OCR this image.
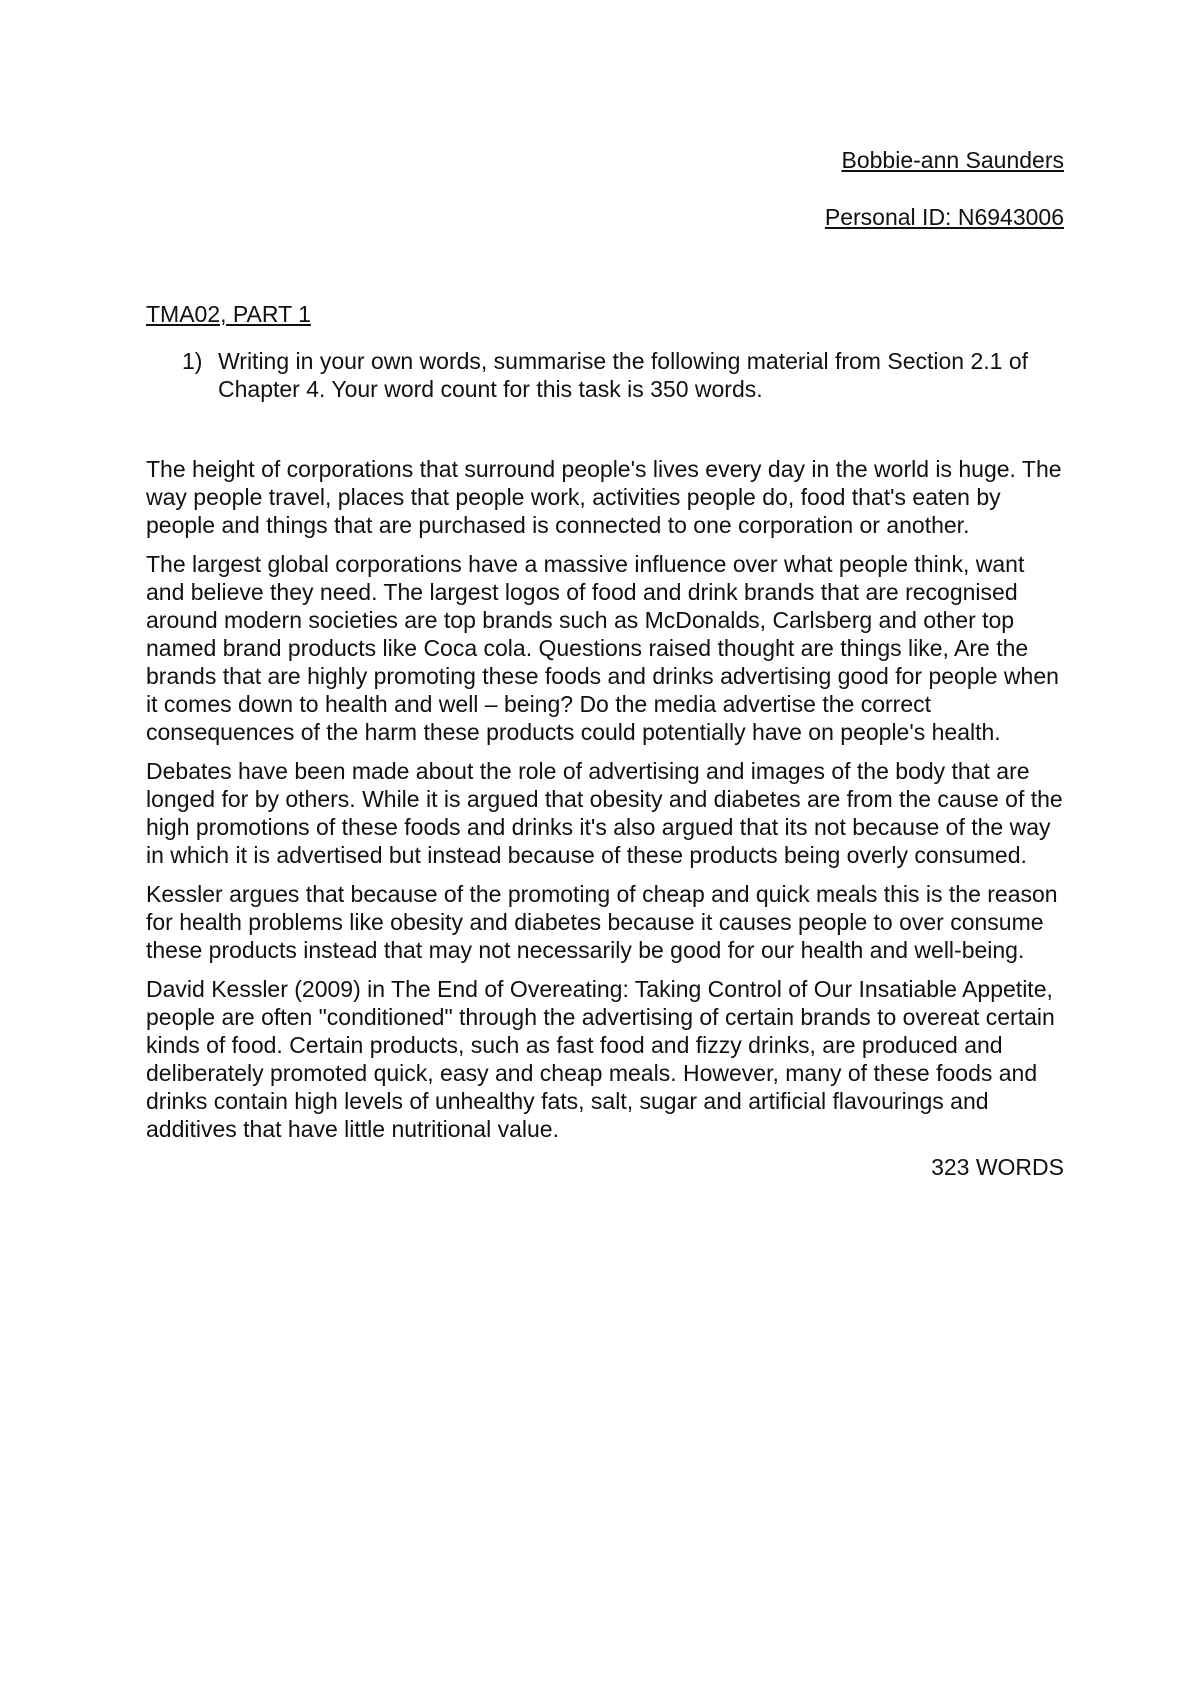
Bobbie-ann Saunders
Personal ID: N6943006
TMA02, PART 1
1) Writing in your own words, summarise the following material from Section 2.1 of Chapter 4. Your word count for this task is 350 words.

The height of corporations that surround people's lives every day in the world is huge. The way people travel, places that people work, activities people do, food that's eaten by people and things that are purchased is connected to one corporation or another.

The largest global corporations have a massive influence over what people think, want and believe they need. The largest logos of food and drink brands that are recognised around modern societies are top brands such as McDonalds, Carlsberg and other top named brand products like Coca cola. Questions raised thought are things like, Are the brands that are highly promoting these foods and drinks advertising good for people when it comes down to health and well – being? Do the media advertise the correct consequences of the harm these products could potentially have on people's health.

Debates have been made about the role of advertising and images of the body that are longed for by others. While it is argued that obesity and diabetes are from the cause of the high promotions of these foods and drinks it's also argued that its not because of the way in which it is advertised but instead because of these products being overly consumed.

Kessler argues that because of the promoting of cheap and quick meals this is the reason for health problems like obesity and diabetes because it causes people to over consume these products instead that may not necessarily be good for our health and well-being.

David Kessler (2009) in The End of Overeating: Taking Control of Our Insatiable Appetite, people are often "conditioned" through the advertising of certain brands to overeat certain kinds of food. Certain products, such as fast food and fizzy drinks, are produced and deliberately promoted quick, easy and cheap meals. However, many of these foods and drinks contain high levels of unhealthy fats, salt, sugar and artificial flavourings and additives that have little nutritional value.

323 WORDS
